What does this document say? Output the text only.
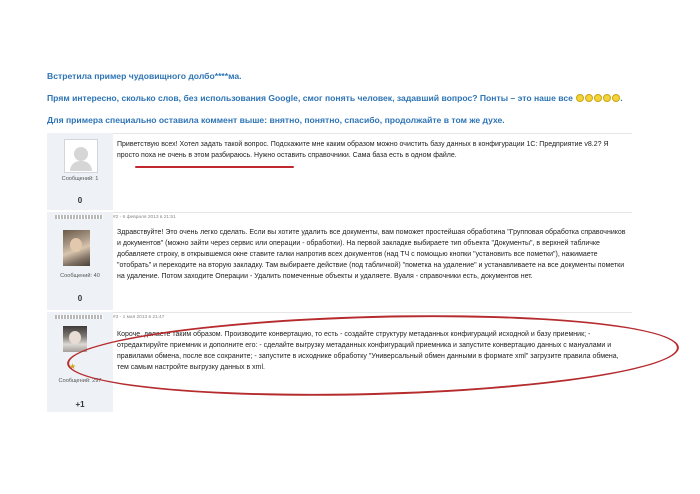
Встретила пример чудовищного долбо****ма.
Прям интересно, сколько слов, без использования Google, смог понять человек, задавший вопрос? Понты – это наше все	.
Для примера специально оставила коммент выше: внятно, понятно, спасибо, продолжайте в том же духе.
Сообщений: 1
0
Приветствую всех! Хотел задать такой вопрос. Подскажите мне каким образом можно очистить базу данных в конфигурации 1С: Предприятие v8.2? Я просто поха не очень в этом разбираюсь. Нужно оставить справочники. Сама база есть в одном файле.
Сообщений: 40
0
#2 - 6 февраля 2013 в 21:51
Здравствуйте! Это очень легко сделать. Если вы хотите удалить все документы, вам поможет простейшая обработина "Групповая обработка справочников и документов" (можно зайти через сервис или операции - обработки). На первой закладке выбираете тип объекта "Документы", в верхней табличке добавляете строку, в открывшемся окне ставите галки напротив всех документов (над ТЧ с помощью кнопки "установить все пометки"), нажимаете "отобрать" и переходите на вторую закладку. Там выбираете действие (под табличкой) "пометка на удаление" и устанавливаете на все документы пометки на удаление. Потом заходите Операции - Удалить помеченные объекты и удаляете. Вуаля - справочники есть, документов нет.
★
Сообщений: 297
+1
#3 - 1 мая 2013 в 21:47
Короче, делаете таким образом. Производите конвертацию, то есть - создайте структуру метаданных конфигураций исходной и базу приемник; - отредактируйте приемник и дополните его: - сделайте выгрузку метаданных конфигураций приемника и запустите конвертацию данных с мануалами и правилами обмена, после все сохраните; - запустите в исходнике обработку "Универсальный обмен данными в формате xml" загрузите правила обмена, тем самым настройте выгрузку данных в xml.
